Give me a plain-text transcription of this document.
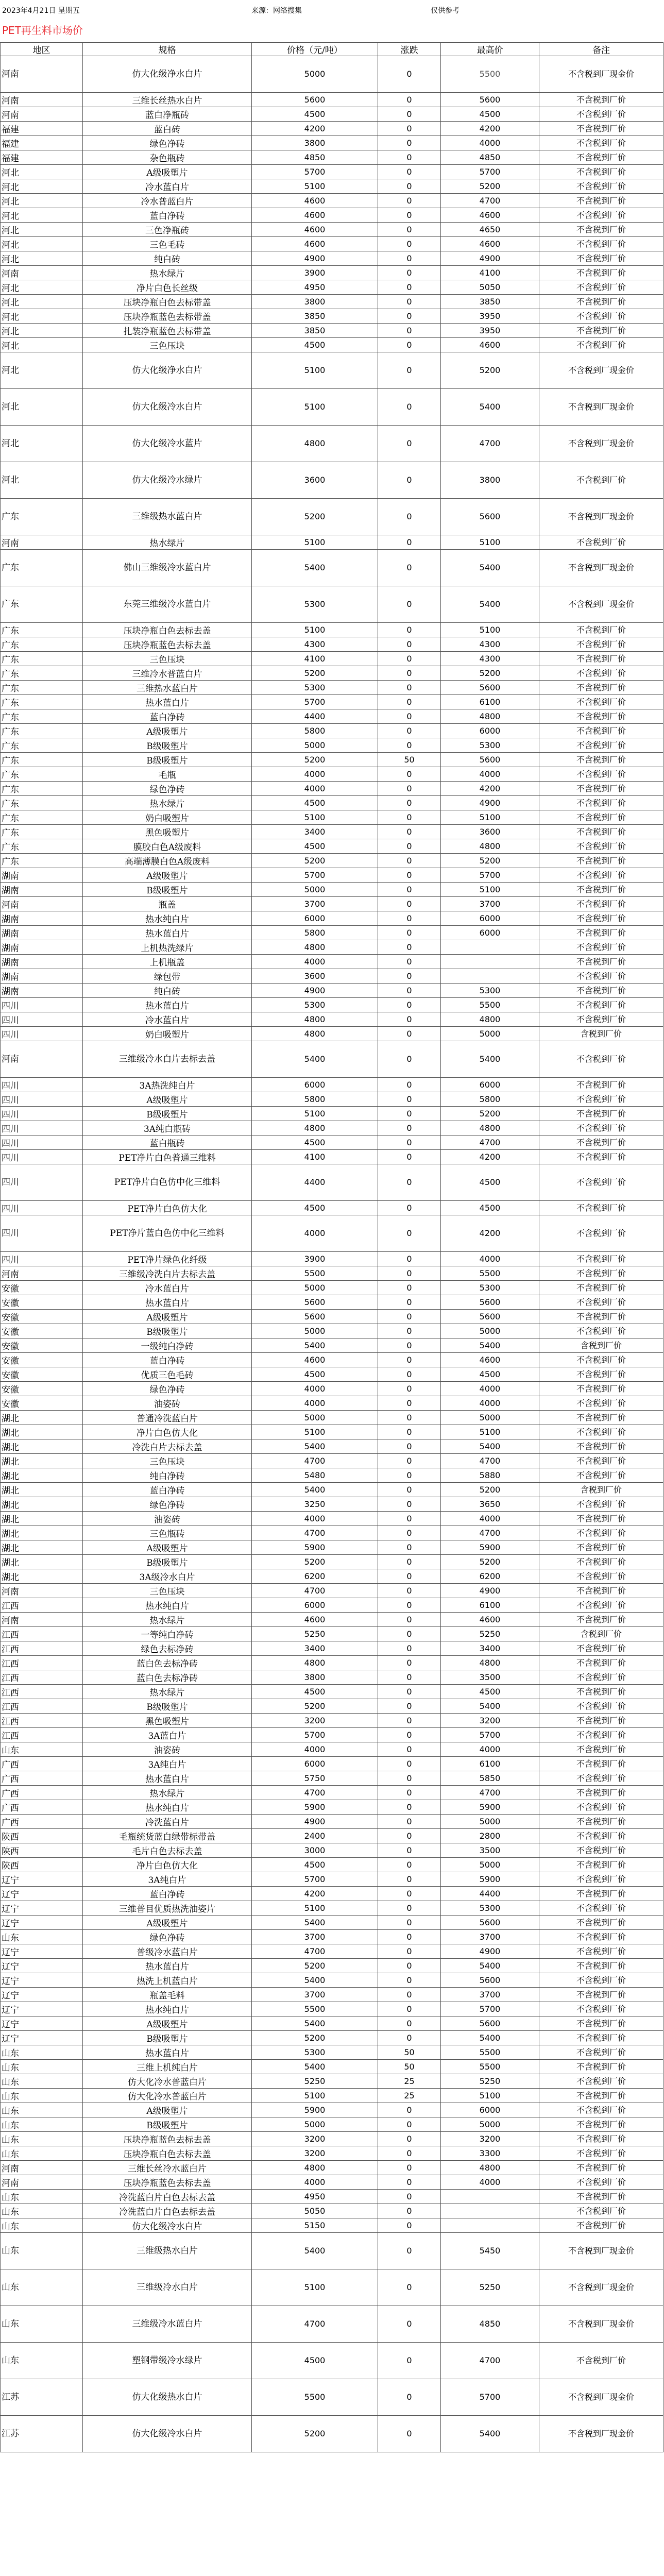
2023年4月21日 星期五	来源：网络搜集	仅供参考
PET再生料市场价
地区	规格	价格（元/吨）	涨跌	最高价	备注
河南	仿大化级净水白片	5000	0	5500	不含税到厂现金价
河南	三维长丝热水白片	5600	0	5600	不含税到厂价
河南	蓝白净瓶砖	4500	0	4500	不含税到厂价
福建	蓝白砖	4200	0	4200	不含税到厂价
福建	绿色净砖	3800	0	4000	不含税到厂价
福建	杂色瓶砖	4850	0	4850	不含税到厂价
河北	A级吸塑片	5700	0	5700	不含税到厂价
河北	冷水蓝白片	5100	0	5200	不含税到厂价
河北	冷水普蓝白片	4600	0	4700	不含税到厂价
河北	蓝白净砖	4600	0	4600	不含税到厂价
河北	三色净瓶砖	4600	0	4650	不含税到厂价
河北	三色毛砖	4600	0	4600	不含税到厂价
河北	纯白砖	4900	0	4900	不含税到厂价
河南	热水绿片	3900	0	4100	不含税到厂价
河北	净片白色长丝级	4950	0	5050	不含税到厂价
河北	压块净瓶白色去标带盖	3800	0	3850	不含税到厂价
河北	压块净瓶蓝色去标带盖	3850	0	3950	不含税到厂价
河北	扎装净瓶蓝色去标带盖	3850	0	3950	不含税到厂价
河北	三色压块	4500	0	4600	不含税到厂价
河北	仿大化级净水白片	5100	0	5200	不含税到厂现金价
河北	仿大化级冷水白片	5100	0	5400	不含税到厂现金价
河北	仿大化级冷水蓝片	4800	0	4700	不含税到厂现金价
河北	仿大化级冷水绿片	3600	0	3800	不含税到厂价
广东	三维级热水蓝白片	5200	0	5600	不含税到厂现金价
河南	热水绿片	5100	0	5100	不含税到厂价
广东	佛山三维级冷水蓝白片	5400	0	5400	不含税到厂现金价
广东	东莞三维级冷水蓝白片	5300	0	5400	不含税到厂现金价
广东	压块净瓶白色去标去盖	5100	0	5100	不含税到厂价
广东	压块净瓶蓝色去标去盖	4300	0	4300	不含税到厂价
广东	三色压块	4100	0	4300	不含税到厂价
广东	三维冷水普蓝白片	5200	0	5200	不含税到厂价
广东	三维热水蓝白片	5300	0	5600	不含税到厂价
广东	热水蓝白片	5700	0	6100	不含税到厂价
广东	蓝白净砖	4400	0	4800	不含税到厂价
广东	A级吸塑片	5800	0	6000	不含税到厂价
广东	B级吸塑片	5000	0	5300	不含税到厂价
广东	B级吸塑片	5200	50	5600	不含税到厂价
广东	毛瓶	4000	0	4000	不含税到厂价
广东	绿色净砖	4000	0	4200	不含税到厂价
广东	热水绿片	4500	0	4900	不含税到厂价
广东	奶白吸塑片	5100	0	5100	不含税到厂价
广东	黑色吸塑片	3400	0	3600	不含税到厂价
广东	膜胶白色A级废料	4500	0	4800	不含税到厂价
广东	高端薄膜白色A级废料	5200	0	5200	不含税到厂价
湖南	A级吸塑片	5700	0	5700	不含税到厂价
湖南	B级吸塑片	5000	0	5100	不含税到厂价
河南	瓶盖	3700	0	3700	不含税到厂价
湖南	热水纯白片	6000	0	6000	不含税到厂价
湖南	热水蓝白片	5800	0	6000	不含税到厂价
湖南	上机热洗绿片	4800	0		不含税到厂价
湖南	上机瓶盖	4000	0		不含税到厂价
湖南	绿包带	3600	0		不含税到厂价
湖南	纯白砖	4900	0	5300	不含税到厂价
四川	热水蓝白片	5300	0	5500	不含税到厂价
四川	冷水蓝白片	4800	0	4800	不含税到厂价
四川	奶白吸塑片	4800	0	5000	含税到厂价
河南	三维级冷水白片去标去盖	5400	0	5400	不含税到厂价
四川	3A热洗纯白片	6000	0	6000	不含税到厂价
四川	A级吸塑片	5800	0	5800	不含税到厂价
四川	B级吸塑片	5100	0	5200	不含税到厂价
四川	3A纯白瓶砖	4800	0	4800	不含税到厂价
四川	蓝白瓶砖	4500	0	4700	不含税到厂价
四川	PET净片白色普通三维料	4100	0	4200	不含税到厂价
四川	PET净片白色仿中化三维料	4400	0	4500	不含税到厂价
四川	PET净片白色仿大化	4500	0	4500	不含税到厂价
四川	PET净片蓝白色仿中化三维料	4000	0	4200	不含税到厂价
四川	PET净片绿色化纤级	3900	0	4000	不含税到厂价
河南	三维级冷洗白片去标去盖	5500	0	5500	不含税到厂价
安徽	冷水蓝白片	5000	0	5300	不含税到厂价
安徽	热水蓝白片	5600	0	5600	不含税到厂价
安徽	A级吸塑片	5600	0	5600	不含税到厂价
安徽	B级吸塑片	5000	0	5000	不含税到厂价
安徽	一级纯白净砖	5400	0	5400	含税到厂价
安徽	蓝白净砖	4600	0	4600	不含税到厂价
安徽	优质三色毛砖	4500	0	4500	不含税到厂价
安徽	绿色净砖	4000	0	4000	不含税到厂价
安徽	油姿砖	4000	0	4000	不含税到厂价
湖北	普通冷洗蓝白片	5000	0	5000	不含税到厂价
湖北	净片白色仿大化	5100	0	5100	不含税到厂价
湖北	冷洗白片去标去盖	5400	0	5400	不含税到厂价
湖北	三色压块	4700	0	4700	不含税到厂价
湖北	纯白净砖	5480	0	5880	不含税到厂价
湖北	蓝白净砖	5400	0	5200	含税到厂价
湖北	绿色净砖	3250	0	3650	不含税到厂价
湖北	油姿砖	4000	0	4000	不含税到厂价
湖北	三色瓶砖	4700	0	4700	不含税到厂价
湖北	A级吸塑片	5900	0	5900	不含税到厂价
湖北	B级吸塑片	5200	0	5200	不含税到厂价
湖北	3A级冷水白片	6200	0	6200	不含税到厂价
河南	三色压块	4700	0	4900	不含税到厂价
江西	热水纯白片	6000	0	6100	不含税到厂价
河南	热水绿片	4600	0	4600	不含税到厂价
江西	一等纯白净砖	5250	0	5250	含税到厂价
江西	绿色去标净砖	3400	0	3400	不含税到厂价
江西	蓝白色去标净砖	4800	0	4800	不含税到厂价
江西	蓝白色去标净砖	3800	0	3500	不含税到厂价
江西	热水绿片	4500	0	4500	不含税到厂价
江西	B级吸塑片	5200	0	5400	不含税到厂价
江西	黑色吸塑片	3200	0	3200	不含税到厂价
江西	3A蓝白片	5700	0	5700	不含税到厂价
山东	油姿砖	4000	0	4000	不含税到厂价
广西	3A纯白片	6000	0	6100	不含税到厂价
广西	热水蓝白片	5750	0	5850	不含税到厂价
广西	热水绿片	4700	0	4700	不含税到厂价
广西	热水纯白片	5900	0	5900	不含税到厂价
广西	冷洗蓝白片	4900	0	5000	不含税到厂价
陕西	毛瓶统货蓝白绿带标带盖	2400	0	2800	不含税到厂价
陕西	毛片白色去标去盖	3000	0	3500	不含税到厂价
陕西	净片白色仿大化	4500	0	5000	不含税到厂价
辽宁	3A纯白片	5700	0	5900	不含税到厂价
辽宁	蓝白净砖	4200	0	4400	不含税到厂价
辽宁	三维普目优质热洗油姿片	5100	0	5300	不含税到厂价
辽宁	A级吸塑片	5400	0	5600	不含税到厂价
山东	绿色净砖	3700	0	3700	不含税到厂价
辽宁	普级冷水蓝白片	4700	0	4900	不含税到厂价
辽宁	热水蓝白片	5200	0	5400	不含税到厂价
辽宁	热洗上机蓝白片	5400	0	5600	不含税到厂价
辽宁	瓶盖毛料	3700	0	3700	不含税到厂价
辽宁	热水纯白片	5500	0	5700	不含税到厂价
辽宁	A级吸塑片	5400	0	5600	不含税到厂价
辽宁	B级吸塑片	5200	0	5400	不含税到厂价
山东	热水蓝白片	5300	50	5500	不含税到厂价
山东	三维上机纯白片	5400	50	5500	不含税到厂价
山东	仿大化冷水普蓝白片	5250	25	5250	不含税到厂价
山东	仿大化冷水普蓝白片	5100	25	5100	不含税到厂价
山东	A级吸塑片	5900	0	6000	不含税到厂价
山东	B级吸塑片	5000	0	5000	不含税到厂价
山东	压块净瓶蓝色去标去盖	3200	0	3200	不含税到厂价
山东	压块净瓶白色去标去盖	3200	0	3300	不含税到厂价
河南	三维长丝冷水蓝白片	4800	0	4800	不含税到厂价
河南	压块净瓶蓝色去标去盖	4000	0	4000	不含税到厂价
山东	冷洗蓝白片白色去标去盖	4950	0		不含税到厂价
山东	冷洗蓝白片白色去标去盖	5050	0		不含税到厂价
山东	仿大化级冷水白片	5150	0		不含税到厂价
山东	三维级热水白片	5400	0	5450	不含税到厂现金价
山东	三维级冷水白片	5100	0	5250	不含税到厂现金价
山东	三维级冷水蓝白片	4700	0	4850	不含税到厂现金价
山东	塑钢带级冷水绿片	4500	0	4700	不含税到厂价
江苏	仿大化级热水白片	5500	0	5700	不含税到厂现金价
江苏	仿大化级冷水白片	5200	0	5400	不含税到厂现金价
